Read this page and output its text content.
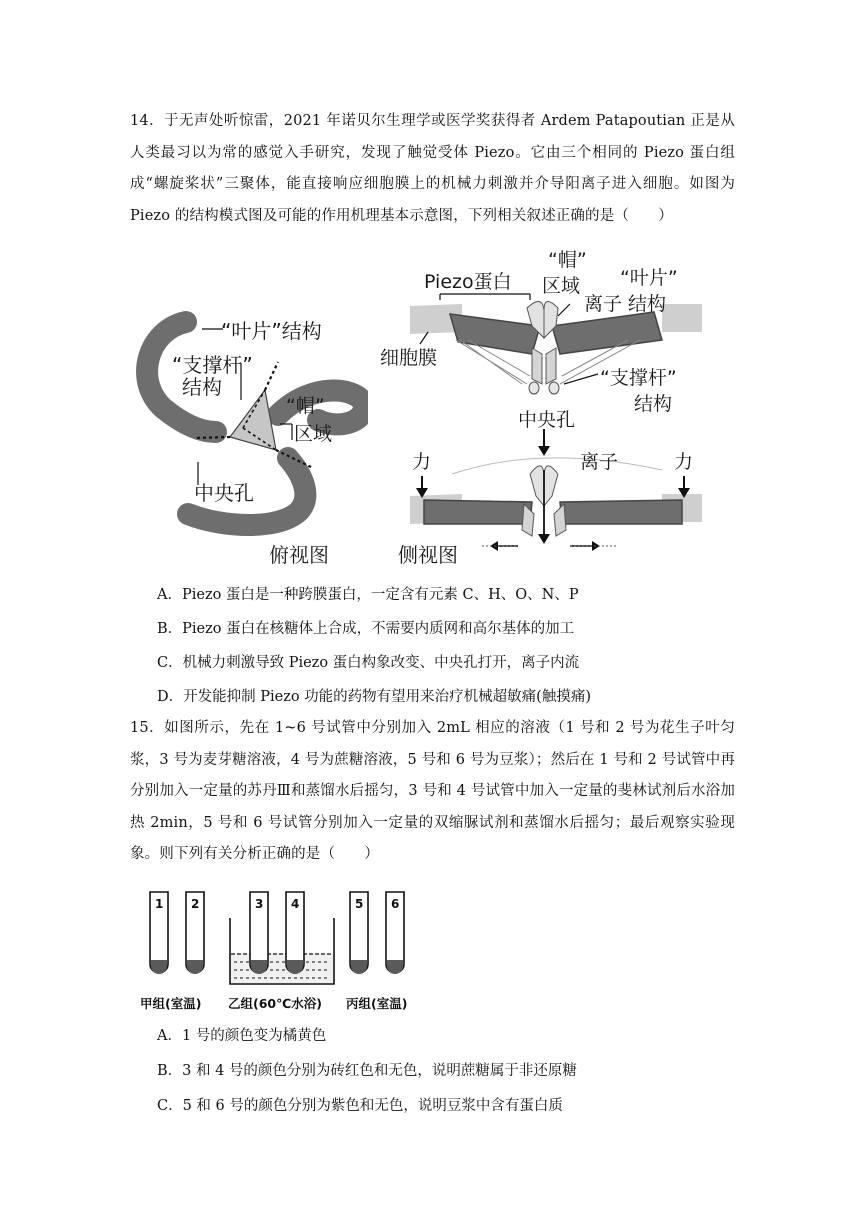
14．于无声处听惊雷，2021 年诺贝尔生理学或医学奖获得者 Ardem Patapoutian 正是从人类最习以为常的感觉入手研究，发现了触觉受体 Piezo。它由三个相同的 Piezo 蛋白组成“螺旋桨状”三聚体，能直接响应细胞膜上的机械力刺激并介导阳离子进入细胞。如图为 Piezo 的结构模式图及可能的作用机理基本示意图，下列相关叙述正确的是（　　）
“叶片”结构
“支撑杆”
结构
“帽”
区域
中央孔
俯视图
“帽”
Piezo蛋白 区域 “叶片”
结构
离子
细胞膜
“支撑杆”
结构
中央孔
力	离子	力
侧视图
A．Piezo 蛋白是一种跨膜蛋白，一定含有元素 C、H、O、N、P
B．Piezo 蛋白在核糖体上合成，不需要内质网和高尔基体的加工
C．机械力刺激导致 Piezo 蛋白构象改变、中央孔打开，离子内流
D．开发能抑制 Piezo 功能的药物有望用来治疗机械超敏痛(触摸痛)
15．如图所示，先在 1~6 号试管中分别加入 2mL 相应的溶液（1 号和 2 号为花生子叶匀浆，3 号为麦芽糖溶液，4 号为蔗糖溶液，5 号和 6 号为豆浆）；然后在 1 号和 2 号试管中再分别加入一定量的苏丹Ⅲ和蒸馏水后摇匀，3 号和 4 号试管中加入一定量的斐林试剂后水浴加热 2min，5 号和 6 号试管分别加入一定量的双缩脲试剂和蒸馏水后摇匀；最后观察实验现象。则下列有关分析正确的是（　　）
1 2	3 4	5 6
甲组(室温) 乙组(60℃水浴) 丙组(室温)
A．1 号的颜色变为橘黄色
B．3 和 4 号的颜色分别为砖红色和无色，说明蔗糖属于非还原糖
C．5 和 6 号的颜色分别为紫色和无色，说明豆浆中含有蛋白质
